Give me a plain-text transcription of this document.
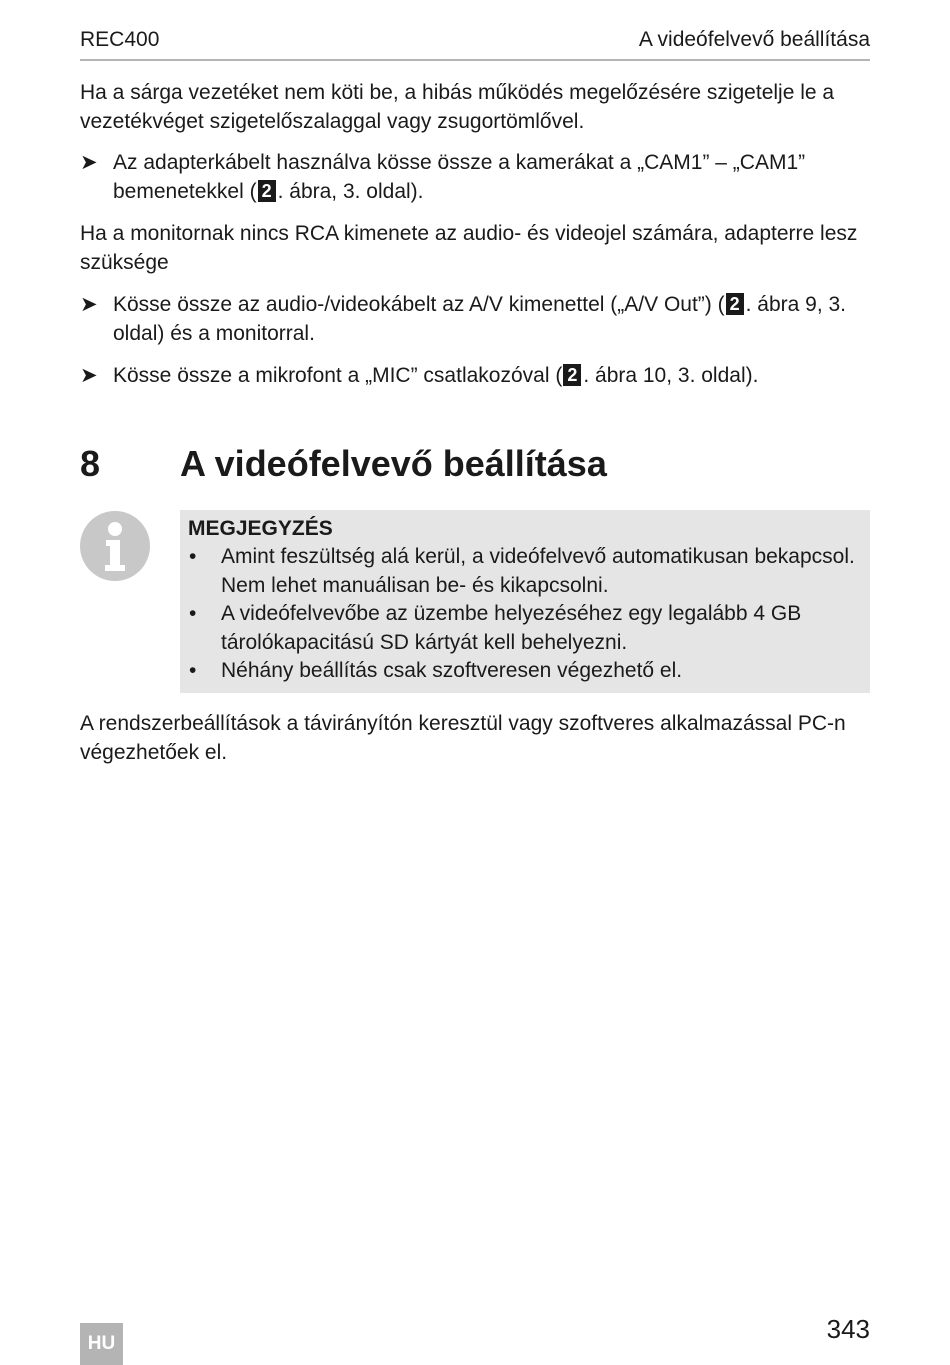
REC400	A videófelvevő beállítása

Ha a sárga vezetéket nem köti be, a hibás működés megelőzésére szigetelje le a vezetékvéget szigetelőszalaggal vagy zsugortömlővel.

➤ Az adapterkábelt használva kösse össze a kamerákat a „CAM1” – „CAM1” bemenetekkel ( 2 . ábra, 3. oldal).

Ha a monitornak nincs RCA kimenete az audio- és videojel számára, adapterre lesz szüksége

➤ Kösse össze az audio-/videokábelt az A/V kimenettel („A/V Out”) ( 2 . ábra 9, 3. oldal) és a monitorral.
➤ Kösse össze a mikrofont a „MIC” csatlakozóval ( 2 . ábra 10, 3. oldal).
8 A videófelvevő beállítása
MEGJEGYZÉS
• Amint feszültség alá kerül, a videófelvevő automatikusan bekapcsol. Nem lehet manuálisan be- és kikapcsolni.
• A videófelvevőbe az üzembe helyezéséhez egy legalább 4 GB tárolókapacitású SD kártyát kell behelyezni.
• Néhány beállítás csak szoftveresen végezhető el.

A rendszerbeállítások a távirányítón keresztül vagy szoftveres alkalmazással PC-n végezhetőek el.

343
HU
